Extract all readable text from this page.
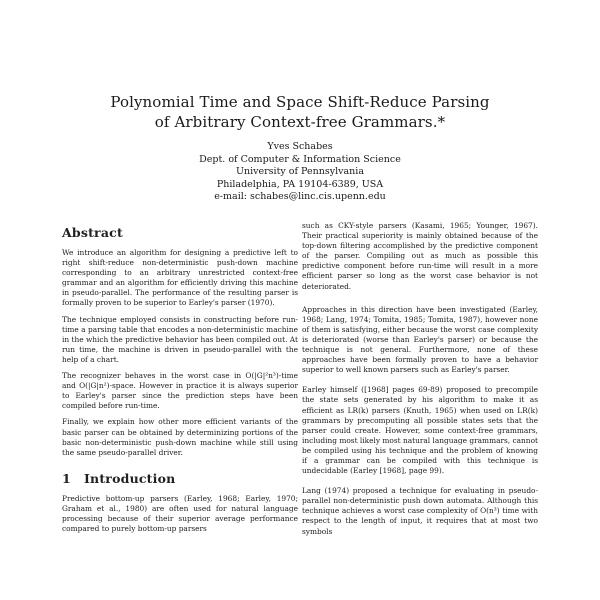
Polynomial Time and Space Shift-Reduce Parsing
of Arbitrary Context-free Grammars.*
Yves Schabes
Dept. of Computer & Information Science
University of Pennsylvania
Philadelphia, PA 19104-6389, USA
e-mail: schabes@linc.cis.upenn.edu
Abstract

We introduce an algorithm for designing a predictive left to right shift-reduce non-deterministic push-down machine corresponding to an arbitrary unrestricted context-free grammar and an algorithm for efficiently driving this machine in pseudo-parallel. The performance of the resulting parser is formally proven to be superior to Earley's parser (1970).

The technique employed consists in constructing before run-time a parsing table that encodes a non-deterministic machine in the which the predictive behavior has been compiled out. At run time, the machine is driven in pseudo-parallel with the help of a chart.

The recognizer behaves in the worst case in O(|G|²n³)-time and O(|G|n²)-space. However in practice it is always superior to Earley's parser since the prediction steps have been compiled before run-time.

Finally, we explain how other more efficient variants of the basic parser can be obtained by determinizing portions of the basic non-deterministic push-down machine while still using the same pseudo-parallel driver.

1 Introduction

Predictive bottom-up parsers (Earley, 1968; Earley, 1970; Graham et al., 1980) are often used for natural language processing because of their superior average performance compared to purely bottom-up parsers

such as CKY-style parsers (Kasami, 1965; Younger, 1967). Their practical superiority is mainly obtained because of the top-down filtering accomplished by the predictive component of the parser. Compiling out as much as possible this predictive component before run-time will result in a more efficient parser so long as the worst case behavior is not deteriorated.

Approaches in this direction have been investigated (Earley, 1968; Lang, 1974; Tomita, 1985; Tomita, 1987), however none of them is satisfying, either because the worst case complexity is deteriorated (worse than Earley's parser) or because the technique is not general. Furthermore, none of these approaches have been formally proven to have a behavior superior to well known parsers such as Earley's parser.

Earley himself ([1968] pages 69-89) proposed to precompile the state sets generated by his algorithm to make it as efficient as LR(k) parsers (Knuth, 1965) when used on LR(k) grammars by precomputing all possible states sets that the parser could create. However, some context-free grammars, including most likely most natural language grammars, cannot be compiled using his technique and the problem of knowing if a grammar can be compiled with this technique is undecidable (Earley [1968], page 99).

Lang (1974) proposed a technique for evaluating in pseudo-parallel non-deterministic push down automata. Although this technique achieves a worst case complexity of O(n³) time with respect to the length of input, it requires that at most two symbols
